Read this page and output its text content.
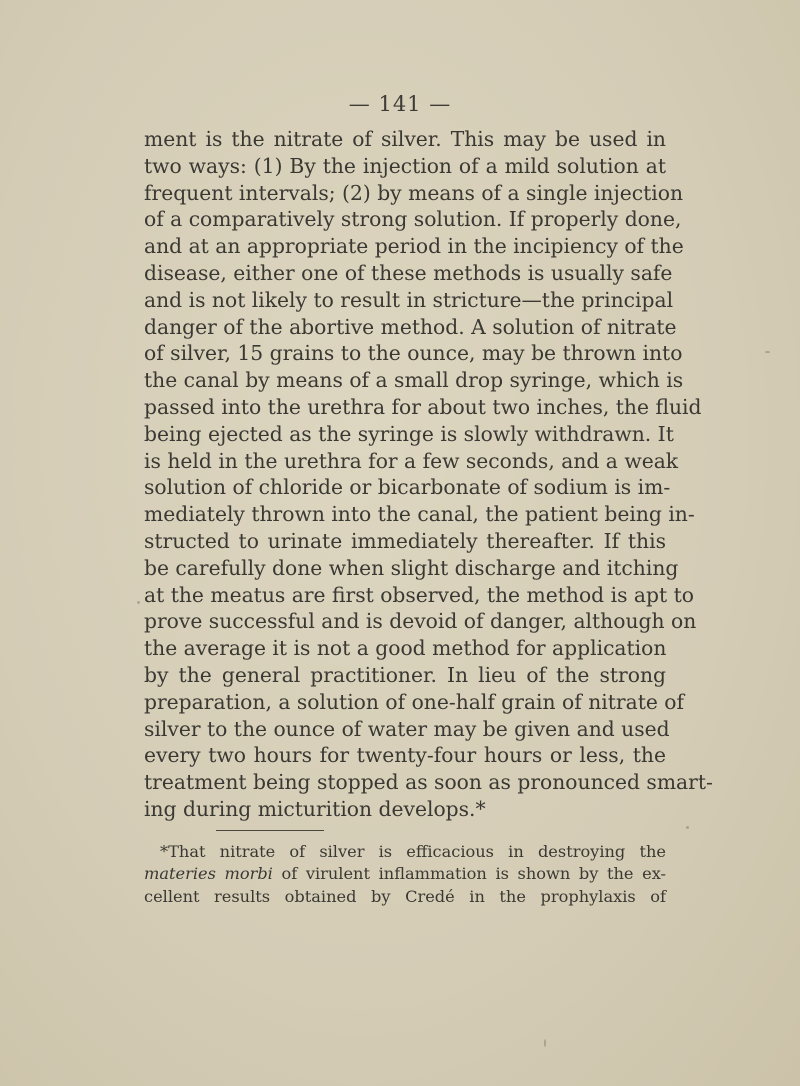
— 141 —
ment is the nitrate of silver. This may be used in
two ways: (1) By the injection of a mild solution at
frequent intervals; (2) by means of a single injection
of a comparatively strong solution. If properly done,
and at an appropriate period in the incipiency of the
disease, either one of these methods is usually safe
and is not likely to result in stricture—the principal
danger of the abortive method. A solution of nitrate
of silver, 15 grains to the ounce, may be thrown into
the canal by means of a small drop syringe, which is
passed into the urethra for about two inches, the fluid
being ejected as the syringe is slowly withdrawn. It
is held in the urethra for a few seconds, and a weak
solution of chloride or bicarbonate of sodium is im-
mediately thrown into the canal, the patient being in-
structed to urinate immediately thereafter. If this
be carefully done when slight discharge and itching
at the meatus are first observed, the method is apt to
prove successful and is devoid of danger, although on
the average it is not a good method for application
by the general practitioner. In lieu of the strong
preparation, a solution of one-half grain of nitrate of
silver to the ounce of water may be given and used
every two hours for twenty-four hours or less, the
treatment being stopped as soon as pronounced smart-
ing during micturition develops.*
*That nitrate of silver is efficacious in destroying the
materies morbi of virulent inflammation is shown by the ex-
cellent results obtained by Credé in the prophylaxis of
